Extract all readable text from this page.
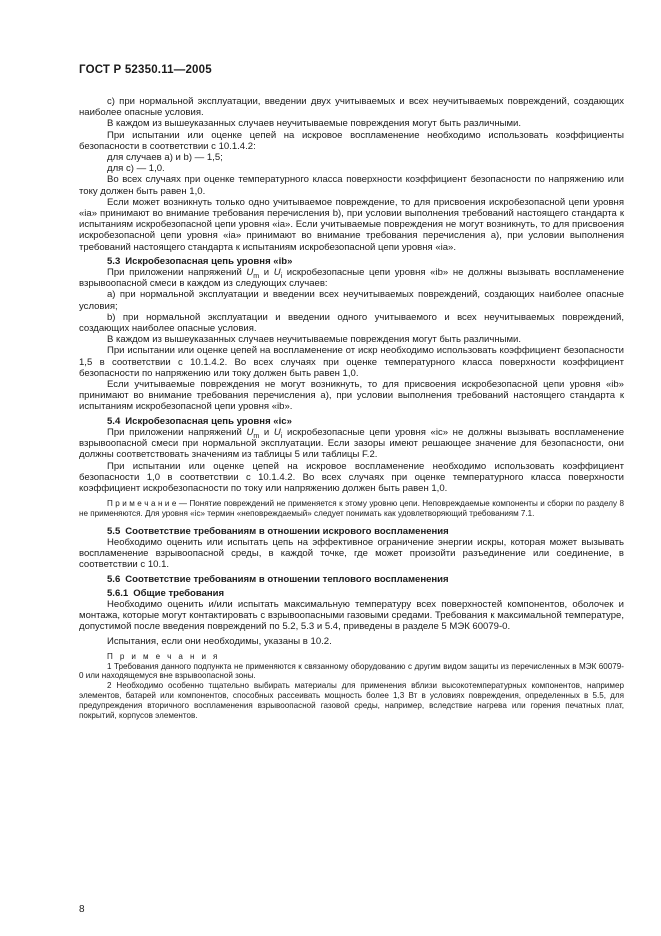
ГОСТ Р 52350.11—2005
с) при нормальной эксплуатации, введении двух учитываемых и всех неучитываемых повреждений, создающих наиболее опасные условия.
В каждом из вышеуказанных случаев неучитываемые повреждения могут быть различными.
При испытании или оценке цепей на искровое воспламенение необходимо использовать коэффициенты безопасности в соответствии с 10.1.4.2:
для случаев а) и b) — 1,5;
для с) — 1,0.
Во всех случаях при оценке температурного класса поверхности коэффициент безопасности по напряжению или току должен быть равен 1,0.
Если может возникнуть только одно учитываемое повреждение, то для присвоения искробезопасной цепи уровня «ia» принимают во внимание требования перечисления b), при условии выполнения требований настоящего стандарта к испытаниям искробезопасной цепи уровня «ia». Если учитываемые повреждения не могут возникнуть, то для присвоения искробезопасной цепи уровня «ia» принимают во внимание требования перечисления а), при условии выполнения требований настоящего стандарта к испытаниям искробезопасной цепи уровня «ia».
5.3 Искробезопасная цепь уровня «ib»
При приложении напряжений $U_m$ и $U_i$ искробезопасные цепи уровня «ib» не должны вызывать воспламенение взрывоопасной смеси в каждом из следующих случаев:
а) при нормальной эксплуатации и введении всех неучитываемых повреждений, создающих наиболее опасные условия;
b) при нормальной эксплуатации и введении одного учитываемого и всех неучитываемых повреждений, создающих наиболее опасные условия.
В каждом из вышеуказанных случаев неучитываемые повреждения могут быть различными.
При испытании или оценке цепей на воспламенение от искр необходимо использовать коэффициент безопасности 1,5 в соответствии с 10.1.4.2. Во всех случаях при оценке температурного класса поверхности коэффициент безопасности по напряжению или току должен быть равен 1,0.
Если учитываемые повреждения не могут возникнуть, то для присвоения искробезопасной цепи уровня «ib» принимают во внимание требования перечисления а), при условии выполнения требований настоящего стандарта к испытаниям искробезопасной цепи уровня «ib».
5.4 Искробезопасная цепь уровня «ic»
При приложении напряжений $U_m$ и $U_i$ искробезопасные цепи уровня «ic» не должны вызывать воспламенение взрывоопасной смеси при нормальной эксплуатации. Если зазоры имеют решающее значение для безопасности, они должны соответствовать значениям из таблицы 5 или таблицы F.2.
При испытании или оценке цепей на искровое воспламенение необходимо использовать коэффициент безопасности 1,0 в соответствии с 10.1.4.2. Во всех случаях при оценке температурного класса поверхности коэффициент искробезопасности по току или напряжению должен быть равен 1,0.
П р и м е ч а н и е — Понятие повреждений не применяется к этому уровню цепи. Неповреждаемые компоненты и сборки по разделу 8 не применяются. Для уровня «ic» термин «неповреждаемый» следует понимать как удовлетворяющий требованиям 7.1.
5.5 Соответствие требованиям в отношении искрового воспламенения
Необходимо оценить или испытать цепь на эффективное ограничение энергии искры, которая может вызывать воспламенение взрывоопасной среды, в каждой точке, где может произойти разъединение или соединение, в соответствии с 10.1.
5.6 Соответствие требованиям в отношении теплового воспламенения
5.6.1 Общие требования
Необходимо оценить и/или испытать максимальную температуру всех поверхностей компонентов, оболочек и монтажа, которые могут контактировать с взрывоопасными газовыми средами. Требования к максимальной температуре, допустимой после введения повреждений по 5.2, 5.3 и 5.4, приведены в разделе 5 МЭК 60079-0.
Испытания, если они необходимы, указаны в 10.2.
П р и м е ч а н и я
1 Требования данного подпункта не применяются к связанному оборудованию с другим видом защиты из перечисленных в МЭК 60079-0 или находящемуся вне взрывоопасной зоны.
2 Необходимо особенно тщательно выбирать материалы для применения вблизи высокотемпературных компонентов, например элементов, батарей или компонентов, способных рассеивать мощность более 1,3 Вт в условиях повреждения, определенных в 5.5, для предупреждения вторичного воспламенения взрывоопасной газовой среды, например, вследствие нагрева или горения печатных плат, покрытий, корпусов элементов.
8
